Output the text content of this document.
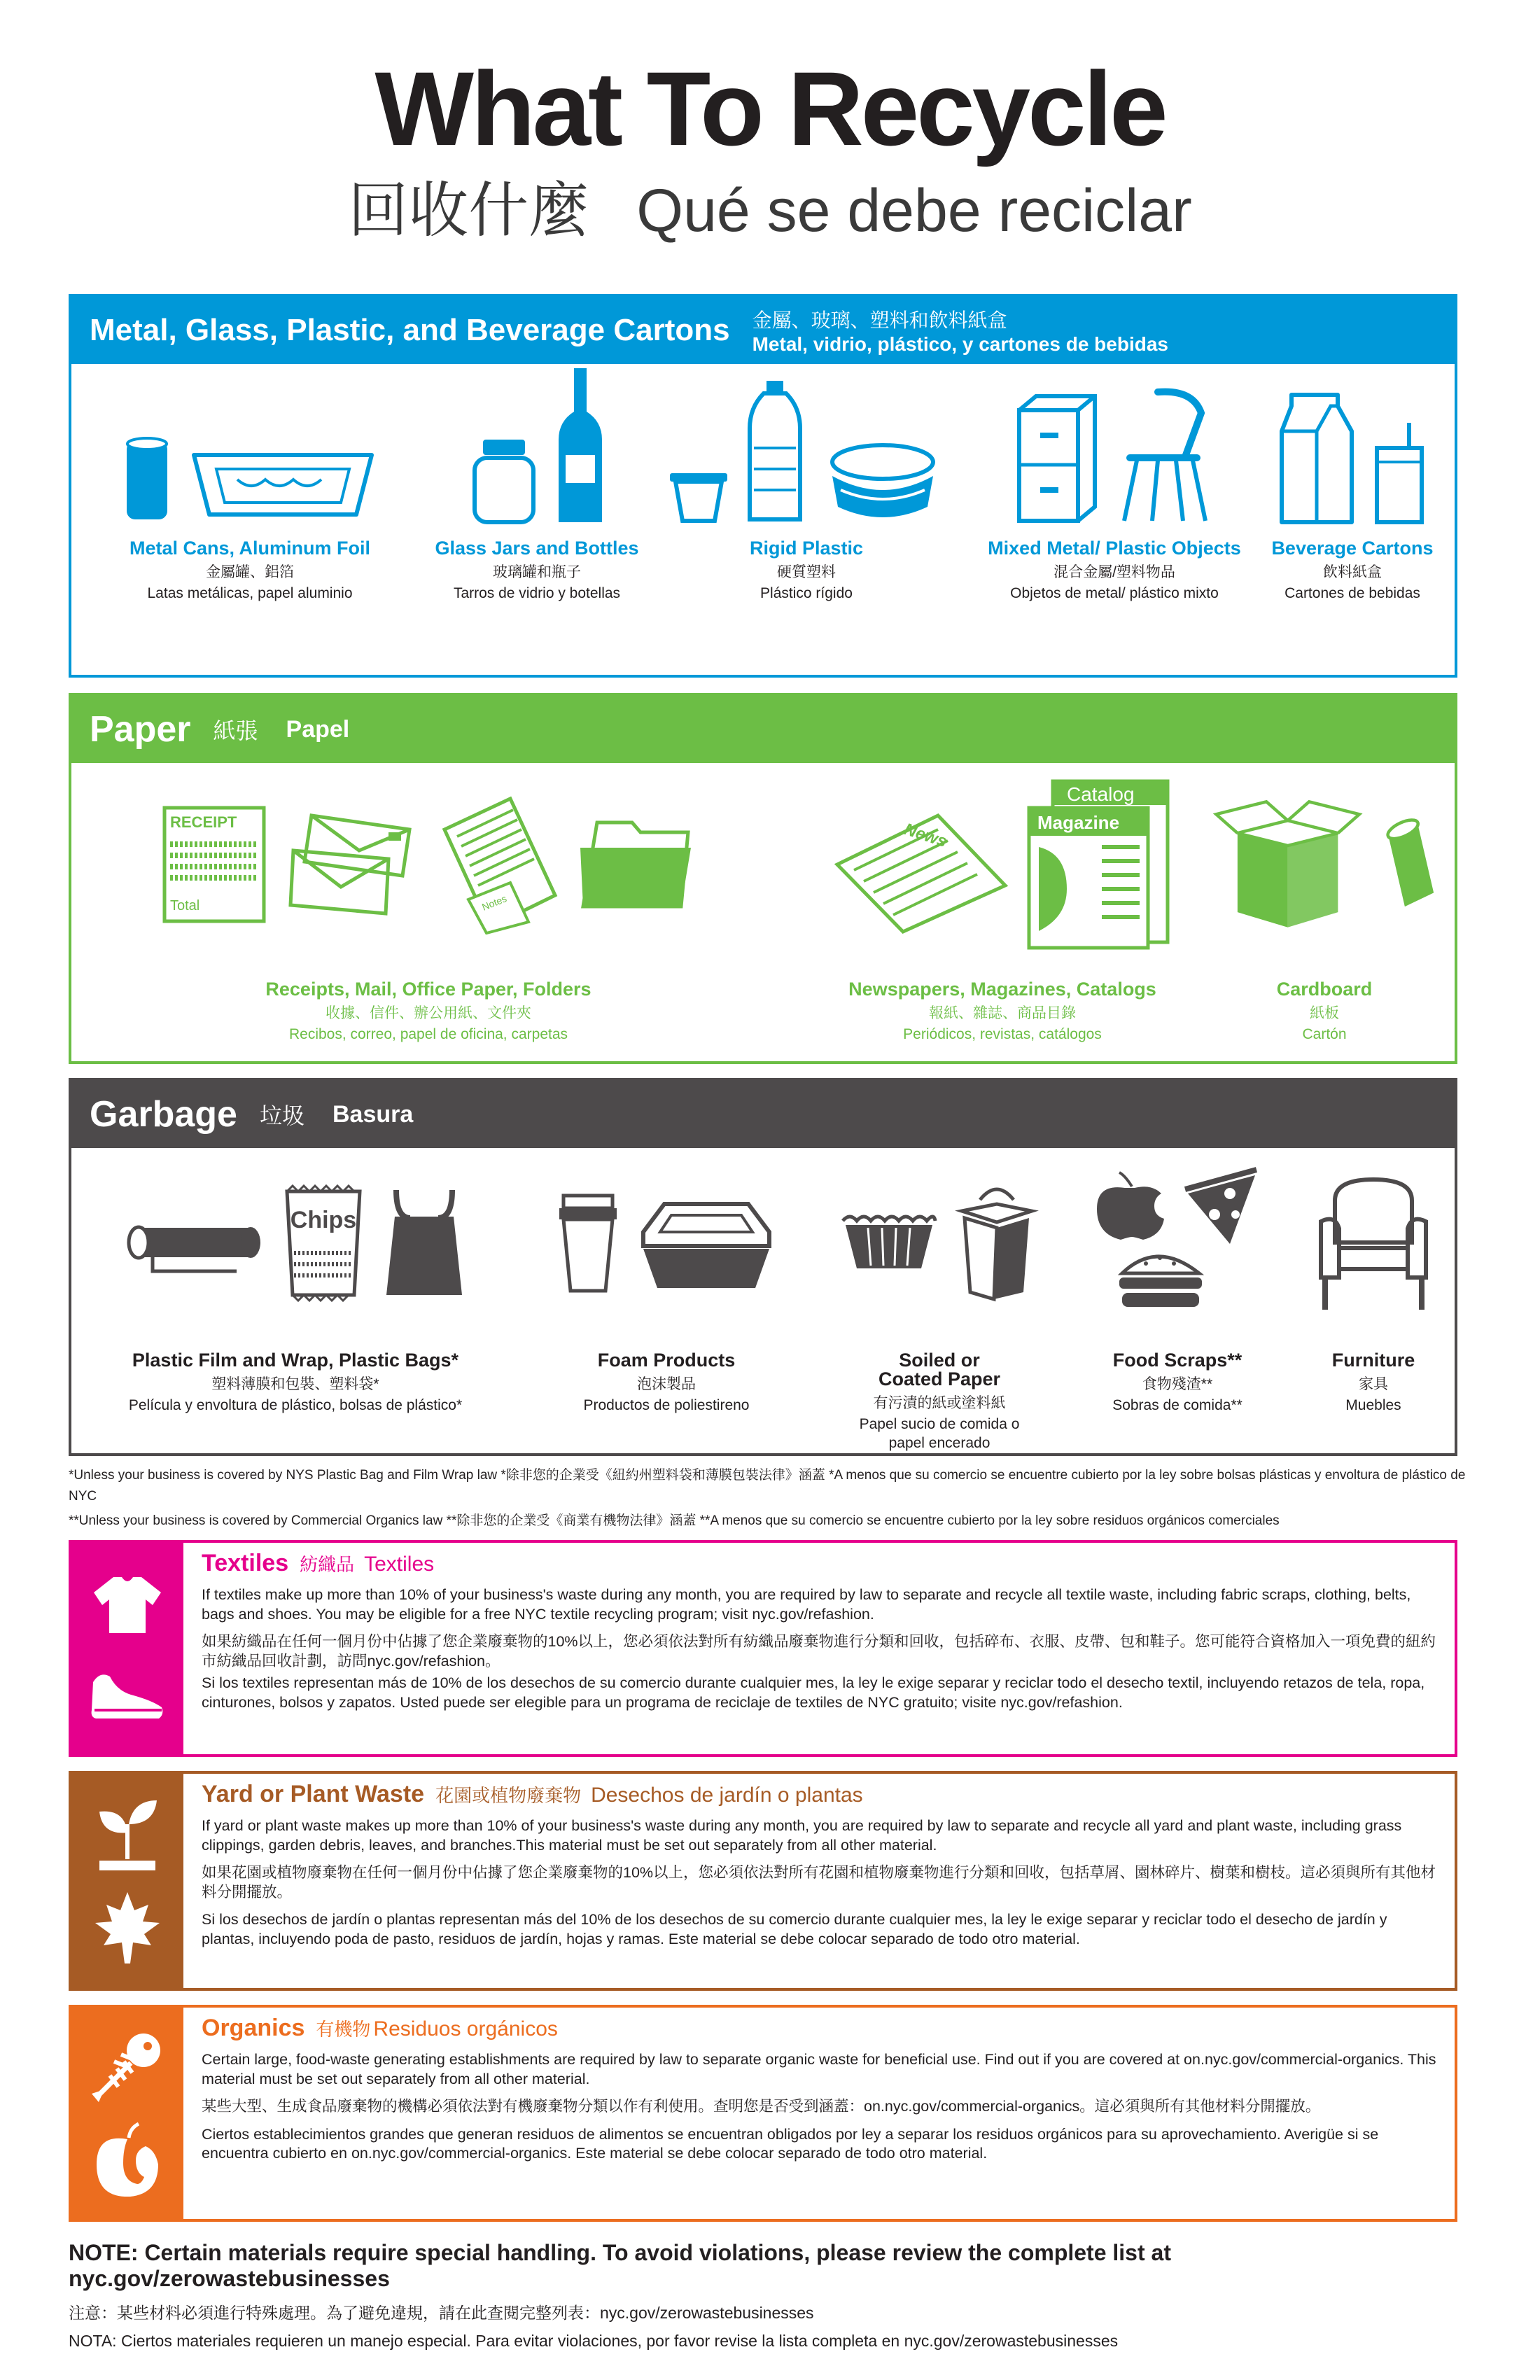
What To Recycle
回收什麼 Qué se debe reciclar
Metal, Glass, Plastic, and Beverage Cartons 金屬、玻璃、塑料和飲料紙盒
Metal, vidrio, plástico, y cartones de bebidas
Metal Cans, Aluminum Foil
金屬罐、鋁箔
Latas metálicas, papel aluminio
Glass Jars and Bottles
玻璃罐和瓶子
Tarros de vidrio y botellas
Rigid Plastic
硬質塑料
Plástico rígido
Mixed Metal/ Plastic Objects
混合金屬/塑料物品
Objetos de metal/ plástico mixto
Beverage Cartons
飲料紙盒
Cartones de bebidas
Paper 紙張 Papel
RECEIPT
Total	Notes
Receipts, Mail, Office Paper, Folders
收據、信件、辦公用紙、文件夾
Recibos, correo, papel de oficina, carpetas
News
Catalog
Magazine
Newspapers, Magazines, Catalogs
報紙、雜誌、商品目錄
Periódicos, revistas, catálogos
Cardboard
紙板
Cartón
Garbage 垃圾 Basura
Chips
Plastic Film and Wrap, Plastic Bags*
塑料薄膜和包裝、塑料袋*
Película y envoltura de plástico, bolsas de plástico*
Foam Products
泡沫製品
Productos de poliestireno
Soiled or Coated Paper
有污漬的紙或塗料紙
Papel sucio de comida o papel encerado
Food Scraps**
食物殘渣**
Sobras de comida**
Furniture
家具
Muebles
*Unless your business is covered by NYS Plastic Bag and Film Wrap law *除非您的企業受《紐約州塑料袋和薄膜包裝法律》涵蓋 *A menos que su comercio se encuentre cubierto por la ley sobre bolsas plásticas y envoltura de plástico de NYC
**Unless your business is covered by Commercial Organics law **除非您的企業受《商業有機物法律》涵蓋 **A menos que su comercio se encuentre cubierto por la ley sobre residuos orgánicos comerciales
Textiles 紡織品 Textiles

If textiles make up more than 10% of your business's waste during any month, you are required by law to separate and recycle all textile waste, including fabric scraps, clothing, belts, bags and shoes. You may be eligible for a free NYC textile recycling program; visit nyc.gov/refashion.

如果紡織品在任何一個月份中佔據了您企業廢棄物的10%以上，您必須依法對所有紡織品廢棄物進行分類和回收，包括碎布、衣服、皮帶、包和鞋子。您可能符合資格加入一項免費的紐約市紡織品回收計劃，訪問nyc.gov/refashion。

Si los textiles representan más de 10% de los desechos de su comercio durante cualquier mes, la ley le exige separar y reciclar todo el desecho textil, incluyendo retazos de tela, ropa, cinturones, bolsos y zapatos. Usted puede ser elegible para un programa de reciclaje de textiles de NYC gratuito; visite nyc.gov/refashion.

Yard or Plant Waste 花園或植物廢棄物 Desechos de jardín o plantas

If yard or plant waste makes up more than 10% of your business's waste during any month, you are required by law to separate and recycle all yard and plant waste, including grass clippings, garden debris, leaves, and branches.This material must be set out separately from all other material.

如果花園或植物廢棄物在任何一個月份中佔據了您企業廢棄物的10%以上，您必須依法對所有花園和植物廢棄物進行分類和回收，包括草屑、園林碎片、樹葉和樹枝。這必須與所有其他材料分開擺放。

Si los desechos de jardín o plantas representan más del 10% de los desechos de su comercio durante cualquier mes, la ley le exige separar y reciclar todo el desecho de jardín y plantas, incluyendo poda de pasto, residuos de jardín, hojas y ramas. Este material se debe colocar separado de todo otro material.

Organics 有機物 Residuos orgánicos

Certain large, food-waste generating establishments are required by law to separate organic waste for beneficial use. Find out if you are covered at on.nyc.gov/commercial-organics. This material must be set out separately from all other material.

某些大型、生成食品廢棄物的機構必須依法對有機廢棄物分類以作有利使用。查明您是否受到涵蓋：on.nyc.gov/commercial-organics。這必須與所有其他材料分開擺放。

Ciertos establecimientos grandes que generan residuos de alimentos se encuentran obligados por ley a separar los residuos orgánicos para su aprovechamiento. Averigüe si se encuentra cubierto en on.nyc.gov/commercial-organics. Este material se debe colocar separado de todo otro material.

NOTE: Certain materials require special handling. To avoid violations, please review the complete list at nyc.gov/zerowastebusinesses
注意：某些材料必須進行特殊處理。為了避免違規，請在此查閱完整列表：nyc.gov/zerowastebusinesses
NOTA: Ciertos materiales requieren un manejo especial. Para evitar violaciones, por favor revise la lista completa en nyc.gov/zerowastebusinesses
